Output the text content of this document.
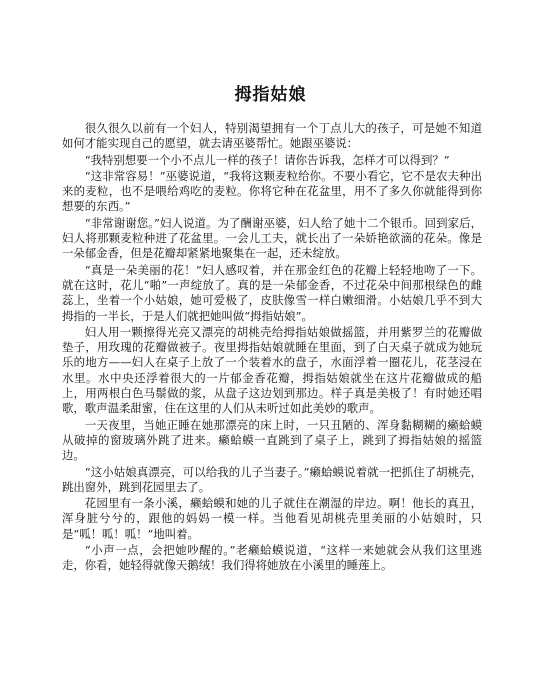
拇指姑娘

很久很久以前有一个妇人，特别渴望拥有一个丁点儿大的孩子，可是她不知道如何才能实现自己的愿望，就去请巫婆帮忙。她跟巫婆说：

“我特别想要一个小不点儿一样的孩子！请你告诉我，怎样才可以得到？”

“这非常容易！”巫婆说道，“我将这颗麦粒给你。不要小看它，它不是农夫种出来的麦粒，也不是喂给鸡吃的麦粒。你将它种在花盆里，用不了多久你就能得到你想要的东西。”

“非常谢谢您。”妇人说道。为了酬谢巫婆，妇人给了她十二个银币。回到家后，妇人将那颗麦粒种进了花盆里。一会儿工夫，就长出了一朵娇艳欲滴的花朵。像是一朵郁金香，但是花瓣却紧紧地聚集在一起，还未绽放。

“真是一朵美丽的花！”妇人感叹着，并在那金红色的花瓣上轻轻地吻了一下。就在这时，花儿“啪”一声绽放了。真的是一朵郁金香，不过花朵中间那根绿色的雌蕊上，坐着一个小姑娘，她可爱极了，皮肤像雪一样白嫩细滑。小姑娘几乎不到大拇指的一半长，于是人们就把她叫做“拇指姑娘”。

妇人用一颗擦得光亮又漂亮的胡桃壳给拇指姑娘做摇篮，并用紫罗兰的花瓣做垫子，用玫瑰的花瓣做被子。夜里拇指姑娘就睡在里面，到了白天桌子就成为她玩乐的地方——妇人在桌子上放了一个装着水的盘子，水面浮着一圈花儿，花茎浸在水里。水中央还浮着很大的一片郁金香花瓣，拇指姑娘就坐在这片花瓣做成的船上，用两根白色马鬃做的浆，从盘子这边划到那边。样子真是美极了！有时她还唱歌，歌声温柔甜蜜，住在这里的人们从未听过如此美妙的歌声。

一天夜里，当她正睡在她那漂亮的床上时，一只丑陋的、浑身黏糊糊的癞蛤蟆从破掉的窗玻璃外跳了进来。癞蛤蟆一直跳到了桌子上，跳到了拇指姑娘的摇篮边。

“这小姑娘真漂亮，可以给我的儿子当妻子。”癞蛤蟆说着就一把抓住了胡桃壳，跳出窗外，跳到花园里去了。

花园里有一条小溪，癞蛤蟆和她的儿子就住在潮湿的岸边。啊！他长的真丑，浑身脏兮兮的，跟他的妈妈一模一样。当他看见胡桃壳里美丽的小姑娘时，只是“呱！呱！呱！”地叫着。

“小声一点，会把她吵醒的。”老癞蛤蟆说道，“这样一来她就会从我们这里逃走，你看，她轻得就像天鹅绒！我们得将她放在小溪里的睡莲上。
